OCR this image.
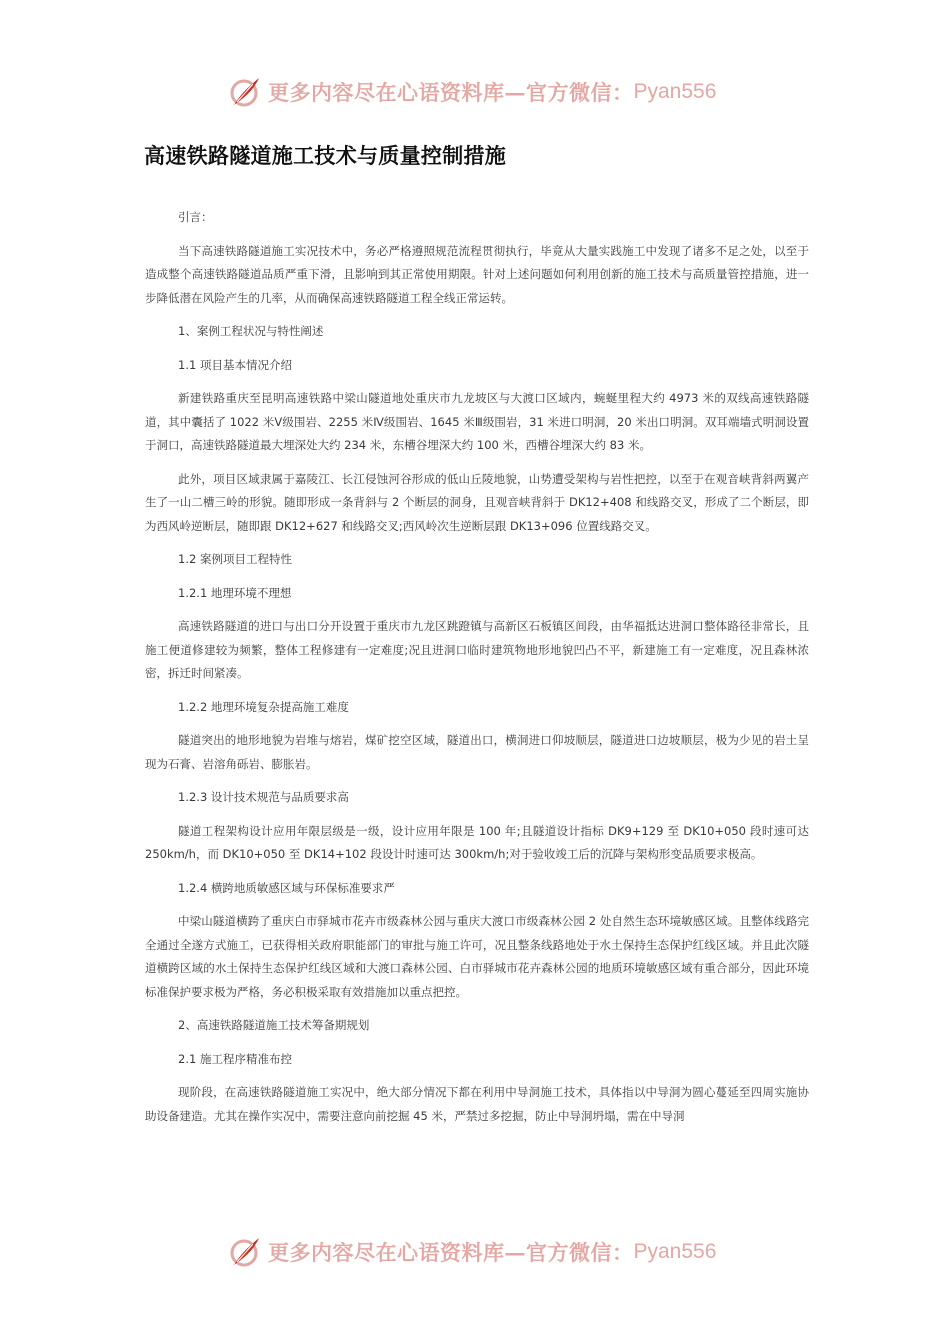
更多内容尽在心语资料库—官方微信： Pyan556
高速铁路隧道施工技术与质量控制措施
引言：
当下高速铁路隧道施工实况技术中，务必严格遵照规范流程贯彻执行，毕竟从大量实践施工中发现了诸多不足之处，以至于造成整个高速铁路隧道品质严重下滑，且影响到其正常使用期限。针对上述问题如何利用创新的施工技术与高质量管控措施，进一步降低潜在风险产生的几率，从而确保高速铁路隧道工程全线正常运转。
1、案例工程状况与特性阐述
1.1 项目基本情况介绍
新建铁路重庆至昆明高速铁路中梁山隧道地处重庆市九龙坡区与大渡口区域内，蜿蜒里程大约 4973 米的双线高速铁路隧道，其中囊括了 1022 米Ⅴ级围岩、2255 米Ⅳ级围岩、1645 米Ⅲ级围岩，31 米进口明洞，20 米出口明洞。双耳端墙式明洞设置于洞口，高速铁路隧道最大埋深处大约 234 米，东槽谷埋深大约 100 米，西槽谷埋深大约 83 米。
此外，项目区域隶属于嘉陵江、长江侵蚀河谷形成的低山丘陵地貌，山势遭受架构与岩性把控，以至于在观音峡背斜两翼产生了一山二槽三岭的形貌。随即形成一条背斜与 2 个断层的洞身，且观音峡背斜于 DK12+408 和线路交叉，形成了二个断层，即为西风岭逆断层，随即跟 DK12+627 和线路交叉;西风岭次生逆断层跟 DK13+096 位置线路交叉。
1.2 案例项目工程特性
1.2.1 地理环境不理想
高速铁路隧道的进口与出口分开设置于重庆市九龙区跳蹬镇与高新区石板镇区间段，由华福抵达进洞口整体路径非常长，且施工便道修建较为频繁，整体工程修建有一定难度;况且进洞口临时建筑物地形地貌凹凸不平，新建施工有一定难度，况且森林浓密，拆迁时间紧凑。
1.2.2 地理环境复杂提高施工难度
隧道突出的地形地貌为岩堆与熔岩，煤矿挖空区域，隧道出口，横洞进口仰坡顺层，隧道进口边坡顺层，极为少见的岩土呈现为石膏、岩溶角砾岩、膨胀岩。
1.2.3 设计技术规范与品质要求高
隧道工程架构设计应用年限层级是一级，设计应用年限是 100 年;且隧道设计指标 DK9+129 至 DK10+050 段时速可达 250km/h，而 DK10+050 至 DK14+102 段设计时速可达 300km/h;对于验收竣工后的沉降与架构形变品质要求极高。
1.2.4 横跨地质敏感区域与环保标准要求严
中梁山隧道横跨了重庆白市驿城市花卉市级森林公园与重庆大渡口市级森林公园 2 处自然生态环境敏感区域。且整体线路完全通过全遂方式施工，已获得相关政府职能部门的审批与施工许可，况且整条线路地处于水土保持生态保护红线区域。并且此次隧道横跨区域的水土保持生态保护红线区域和大渡口森林公园、白市驿城市花卉森林公园的地质环境敏感区域有重合部分，因此环境标准保护要求极为严格，务必积极采取有效措施加以重点把控。
2、高速铁路隧道施工技术筹备期规划
2.1 施工程序精准布控
现阶段，在高速铁路隧道施工实况中，绝大部分情况下都在利用中导洞施工技术，具体指以中导洞为圆心蔓延至四周实施协助设备建造。尤其在操作实况中，需要注意向前挖掘 45 米，严禁过多挖掘，防止中导洞坍塌，需在中导洞
更多内容尽在心语资料库—官方微信： Pyan556
